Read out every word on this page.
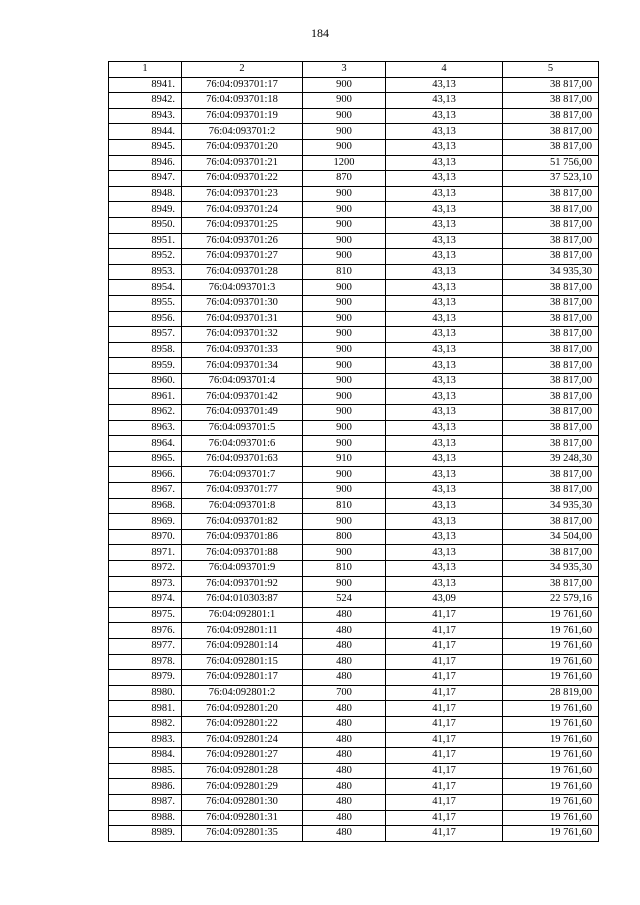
184
1	2	3	4	5
8941.	76:04:093701:17	900	43,13	38 817,00
8942.	76:04:093701:18	900	43,13	38 817,00
8943.	76:04:093701:19	900	43,13	38 817,00
8944.	76:04:093701:2	900	43,13	38 817,00
8945.	76:04:093701:20	900	43,13	38 817,00
8946.	76:04:093701:21	1200	43,13	51 756,00
8947.	76:04:093701:22	870	43,13	37 523,10
8948.	76:04:093701:23	900	43,13	38 817,00
8949.	76:04:093701:24	900	43,13	38 817,00
8950.	76:04:093701:25	900	43,13	38 817,00
8951.	76:04:093701:26	900	43,13	38 817,00
8952.	76:04:093701:27	900	43,13	38 817,00
8953.	76:04:093701:28	810	43,13	34 935,30
8954.	76:04:093701:3	900	43,13	38 817,00
8955.	76:04:093701:30	900	43,13	38 817,00
8956.	76:04:093701:31	900	43,13	38 817,00
8957.	76:04:093701:32	900	43,13	38 817,00
8958.	76:04:093701:33	900	43,13	38 817,00
8959.	76:04:093701:34	900	43,13	38 817,00
8960.	76:04:093701:4	900	43,13	38 817,00
8961.	76:04:093701:42	900	43,13	38 817,00
8962.	76:04:093701:49	900	43,13	38 817,00
8963.	76:04:093701:5	900	43,13	38 817,00
8964.	76:04:093701:6	900	43,13	38 817,00
8965.	76:04:093701:63	910	43,13	39 248,30
8966.	76:04:093701:7	900	43,13	38 817,00
8967.	76:04:093701:77	900	43,13	38 817,00
8968.	76:04:093701:8	810	43,13	34 935,30
8969.	76:04:093701:82	900	43,13	38 817,00
8970.	76:04:093701:86	800	43,13	34 504,00
8971.	76:04:093701:88	900	43,13	38 817,00
8972.	76:04:093701:9	810	43,13	34 935,30
8973.	76:04:093701:92	900	43,13	38 817,00
8974.	76:04:010303:87	524	43,09	22 579,16
8975.	76:04:092801:1	480	41,17	19 761,60
8976.	76:04:092801:11	480	41,17	19 761,60
8977.	76:04:092801:14	480	41,17	19 761,60
8978.	76:04:092801:15	480	41,17	19 761,60
8979.	76:04:092801:17	480	41,17	19 761,60
8980.	76:04:092801:2	700	41,17	28 819,00
8981.	76:04:092801:20	480	41,17	19 761,60
8982.	76:04:092801:22	480	41,17	19 761,60
8983.	76:04:092801:24	480	41,17	19 761,60
8984.	76:04:092801:27	480	41,17	19 761,60
8985.	76:04:092801:28	480	41,17	19 761,60
8986.	76:04:092801:29	480	41,17	19 761,60
8987.	76:04:092801:30	480	41,17	19 761,60
8988.	76:04:092801:31	480	41,17	19 761,60
8989.	76:04:092801:35	480	41,17	19 761,60
